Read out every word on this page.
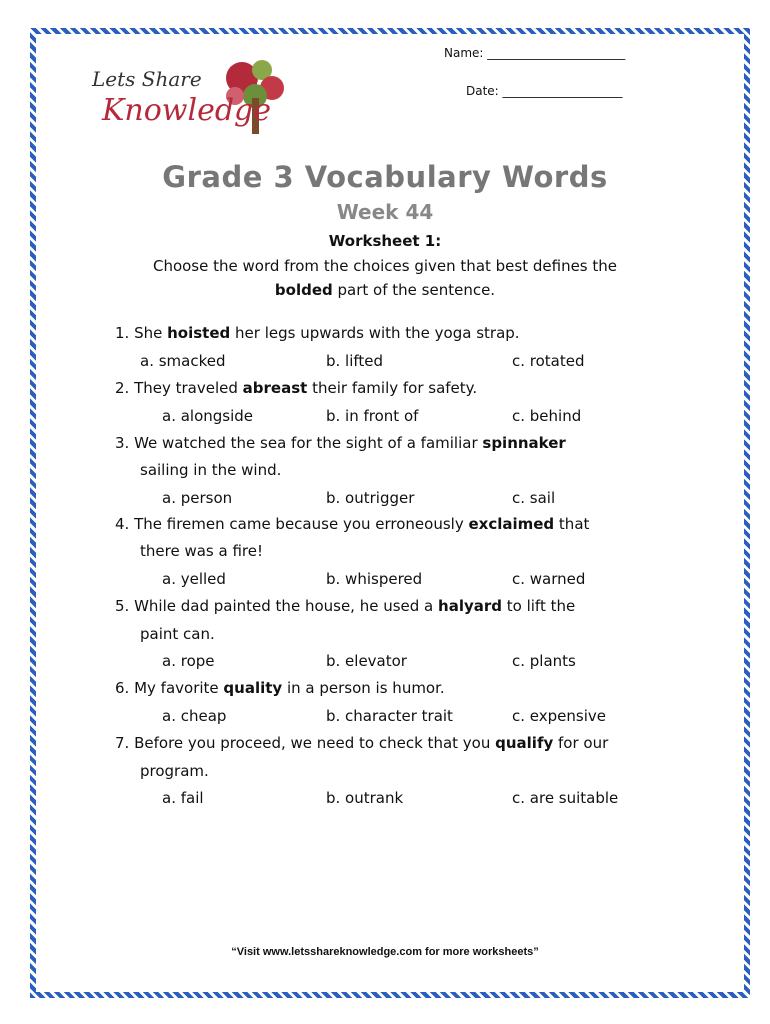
Name: _______________________
Date: ____________________
Lets Share
Knowledge
Grade 3 Vocabulary Words
Week 44
Worksheet 1:
Choose the word from the choices given that best defines the
bolded part of the sentence.
1. She hoisted her legs upwards with the yoga strap.
a. smacked	b. lifted	c. rotated
2. They traveled abreast their family for safety.
a. alongside	b. in front of	c. behind
3. We watched the sea for the sight of a familiar spinnaker
sailing in the wind.
a. person	b. outrigger	c. sail
4. The firemen came because you erroneously exclaimed that
there was a fire!
a. yelled	b. whispered	c. warned
5. While dad painted the house, he used a halyard to lift the
paint can.
a. rope	b. elevator	c. plants
6. My favorite quality in a person is humor.
a. cheap	b. character trait	c. expensive
7. Before you proceed, we need to check that you qualify for our
program.
a. fail	b. outrank	c. are suitable
“Visit www.letsshareknowledge.com for more worksheets”
